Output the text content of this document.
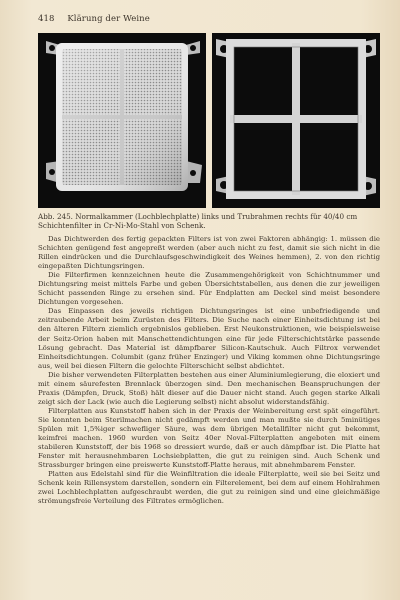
418 Klärung der Weine
Abb. 245. Normalkammer (Lochblechplatte) links und Trubrahmen rechts für 40/40 cm Schichtenfilter in Cr-Ni-Mo-Stahl von Schenk.

Das Dichtwerden des fertig gepackten Filters ist von zwei Faktoren abhängig: 1. müssen die Schichten genügend fest angepreßt werden (aber auch nicht zu fest, damit sie sich nicht in die Rillen eindrücken und die Durchlaufsgeschwindigkeit des Weines hemmen), 2. von den richtig eingepaßten Dichtungsringen.

Die Filterfirmen kennzeichnen heute die Zusammengehörigkeit von Schichtnummer und Dichtungsring meist mittels Farbe und geben Übersichtstabellen, aus denen die zur jeweiligen Schicht passenden Ringe zu ersehen sind. Für Endplatten am Deckel sind meist besondere Dichtungen vorgesehen.

Das Einpassen des jeweils richtigen Dichtungsringes ist eine unbefriedigende und zeitraubende Arbeit beim Zurüsten des Filters. Die Suche nach einer Einheitsdichtung ist bei den älteren Filtern ziemlich ergebnislos geblieben. Erst Neukonstruktionen, wie beispielsweise der Seitz-Orion haben mit Manschettendichtungen eine für jede Filterschichtstärke passende Lösung gebracht. Das Material ist dämpfbarer Silicon-Kautschuk. Auch Filtrox verwendet Einheitsdichtungen. Columbit (ganz früher Enzinger) und Viking kommen ohne Dichtungsringe aus, weil bei diesen Filtern die gelochte Filterschicht selbst abdichtet.

Die bisher verwendeten Filterplatten bestehen aus einer Aluminiumlegierung, die eloxiert und mit einem säurefesten Brennlack überzogen sind. Den mechanischen Beanspruchungen der Praxis (Dämpfen, Druck, Stoß) hält dieser auf die Dauer nicht stand. Auch gegen starke Alkali zeigt sich der Lack (wie auch die Legierung selbst) nicht absolut widerstandsfähig.

Filterplatten aus Kunststoff haben sich in der Praxis der Weinbereitung erst spät eingeführt. Sie konnten beim Sterilmachen nicht gedämpft werden und man mußte sie durch 5minütiges Spülen mit 1,5%iger schwefliger Säure, was dem übrigen Metallfilter nicht gut bekommt, keimfrei machen. 1960 wurden von Seitz 40er Noval-Filterplatten angeboten mit einem stabileren Kunststoff, der bis 1968 so dressiert wurde, daß er auch dämpfbar ist. Die Platte hat Fenster mit herausnehmbaren Lochsiebplatten, die gut zu reinigen sind. Auch Schenk und Strassburger bringen eine preiswerte Kunststoff-Platte heraus, mit abnehmbarem Fenster.

Platten aus Edelstahl sind für die Weinfiltration die ideale Filterplatte, weil sie bei Seitz und Schenk kein Rillensystem darstellen, sondern ein Filterelement, bei dem auf einem Hohlrahmen zwei Lochblechplatten aufgeschraubt werden, die gut zu reinigen sind und eine gleichmäßige strömungsfreie Verteilung des Filtrates ermöglichen.
